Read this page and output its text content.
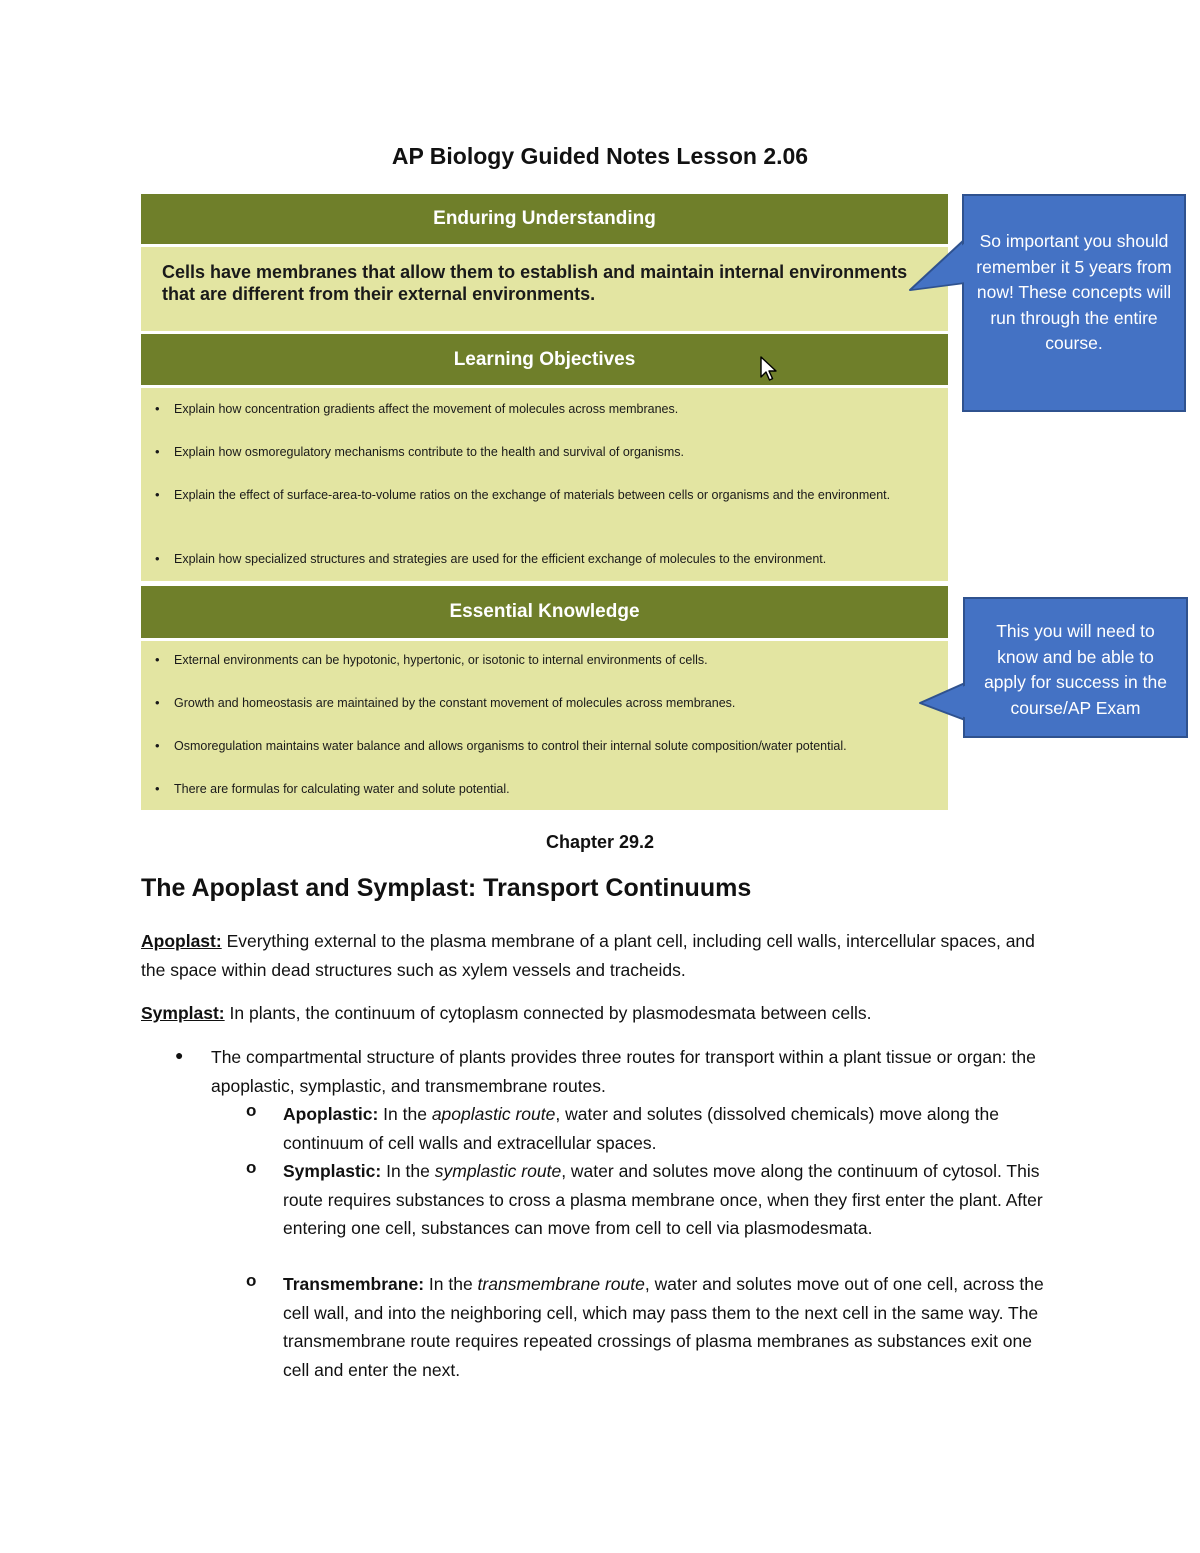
AP Biology Guided Notes Lesson 2.06
Enduring Understanding

Cells have membranes that allow them to establish and maintain internal environments that are different from their external environments.

Learning Objectives
• Explain how concentration gradients affect the movement of molecules across membranes.
• Explain how osmoregulatory mechanisms contribute to the health and survival of organisms.
• Explain the effect of surface-area-to-volume ratios on the exchange of materials between cells or organisms and the environment.
• Explain how specialized structures and strategies are used for the efficient exchange of molecules to the environment.
Essential Knowledge
• External environments can be hypotonic, hypertonic, or isotonic to internal environments of cells.
• Growth and homeostasis are maintained by the constant movement of molecules across membranes.
• Osmoregulation maintains water balance and allows organisms to control their internal solute composition/water potential.
• There are formulas for calculating water and solute potential.
So important you should remember it 5 years from now! These concepts will run through the entire course.
This you will need to know and be able to apply for success in the course/AP Exam
Chapter 29.2
The Apoplast and Symplast: Transport Continuums

Apoplast: Everything external to the plasma membrane of a plant cell, including cell walls, intercellular spaces, and the space within dead structures such as xylem vessels and tracheids.

Symplast: In plants, the continuum of cytoplasm connected by plasmodesmata between cells.

● The compartmental structure of plants provides three routes for transport within a plant tissue or organ: the apoplastic, symplastic, and transmembrane routes.

o Apoplastic: In the apoplastic route, water and solutes (dissolved chemicals) move along the continuum of cell walls and extracellular spaces.

o Symplastic: In the symplastic route, water and solutes move along the continuum of cytosol. This route requires substances to cross a plasma membrane once, when they first enter the plant. After entering one cell, substances can move from cell to cell via plasmodesmata.

o Transmembrane: In the transmembrane route, water and solutes move out of one cell, across the cell wall, and into the neighboring cell, which may pass them to the next cell in the same way. The transmembrane route requires repeated crossings of plasma membranes as substances exit one cell and enter the next.
